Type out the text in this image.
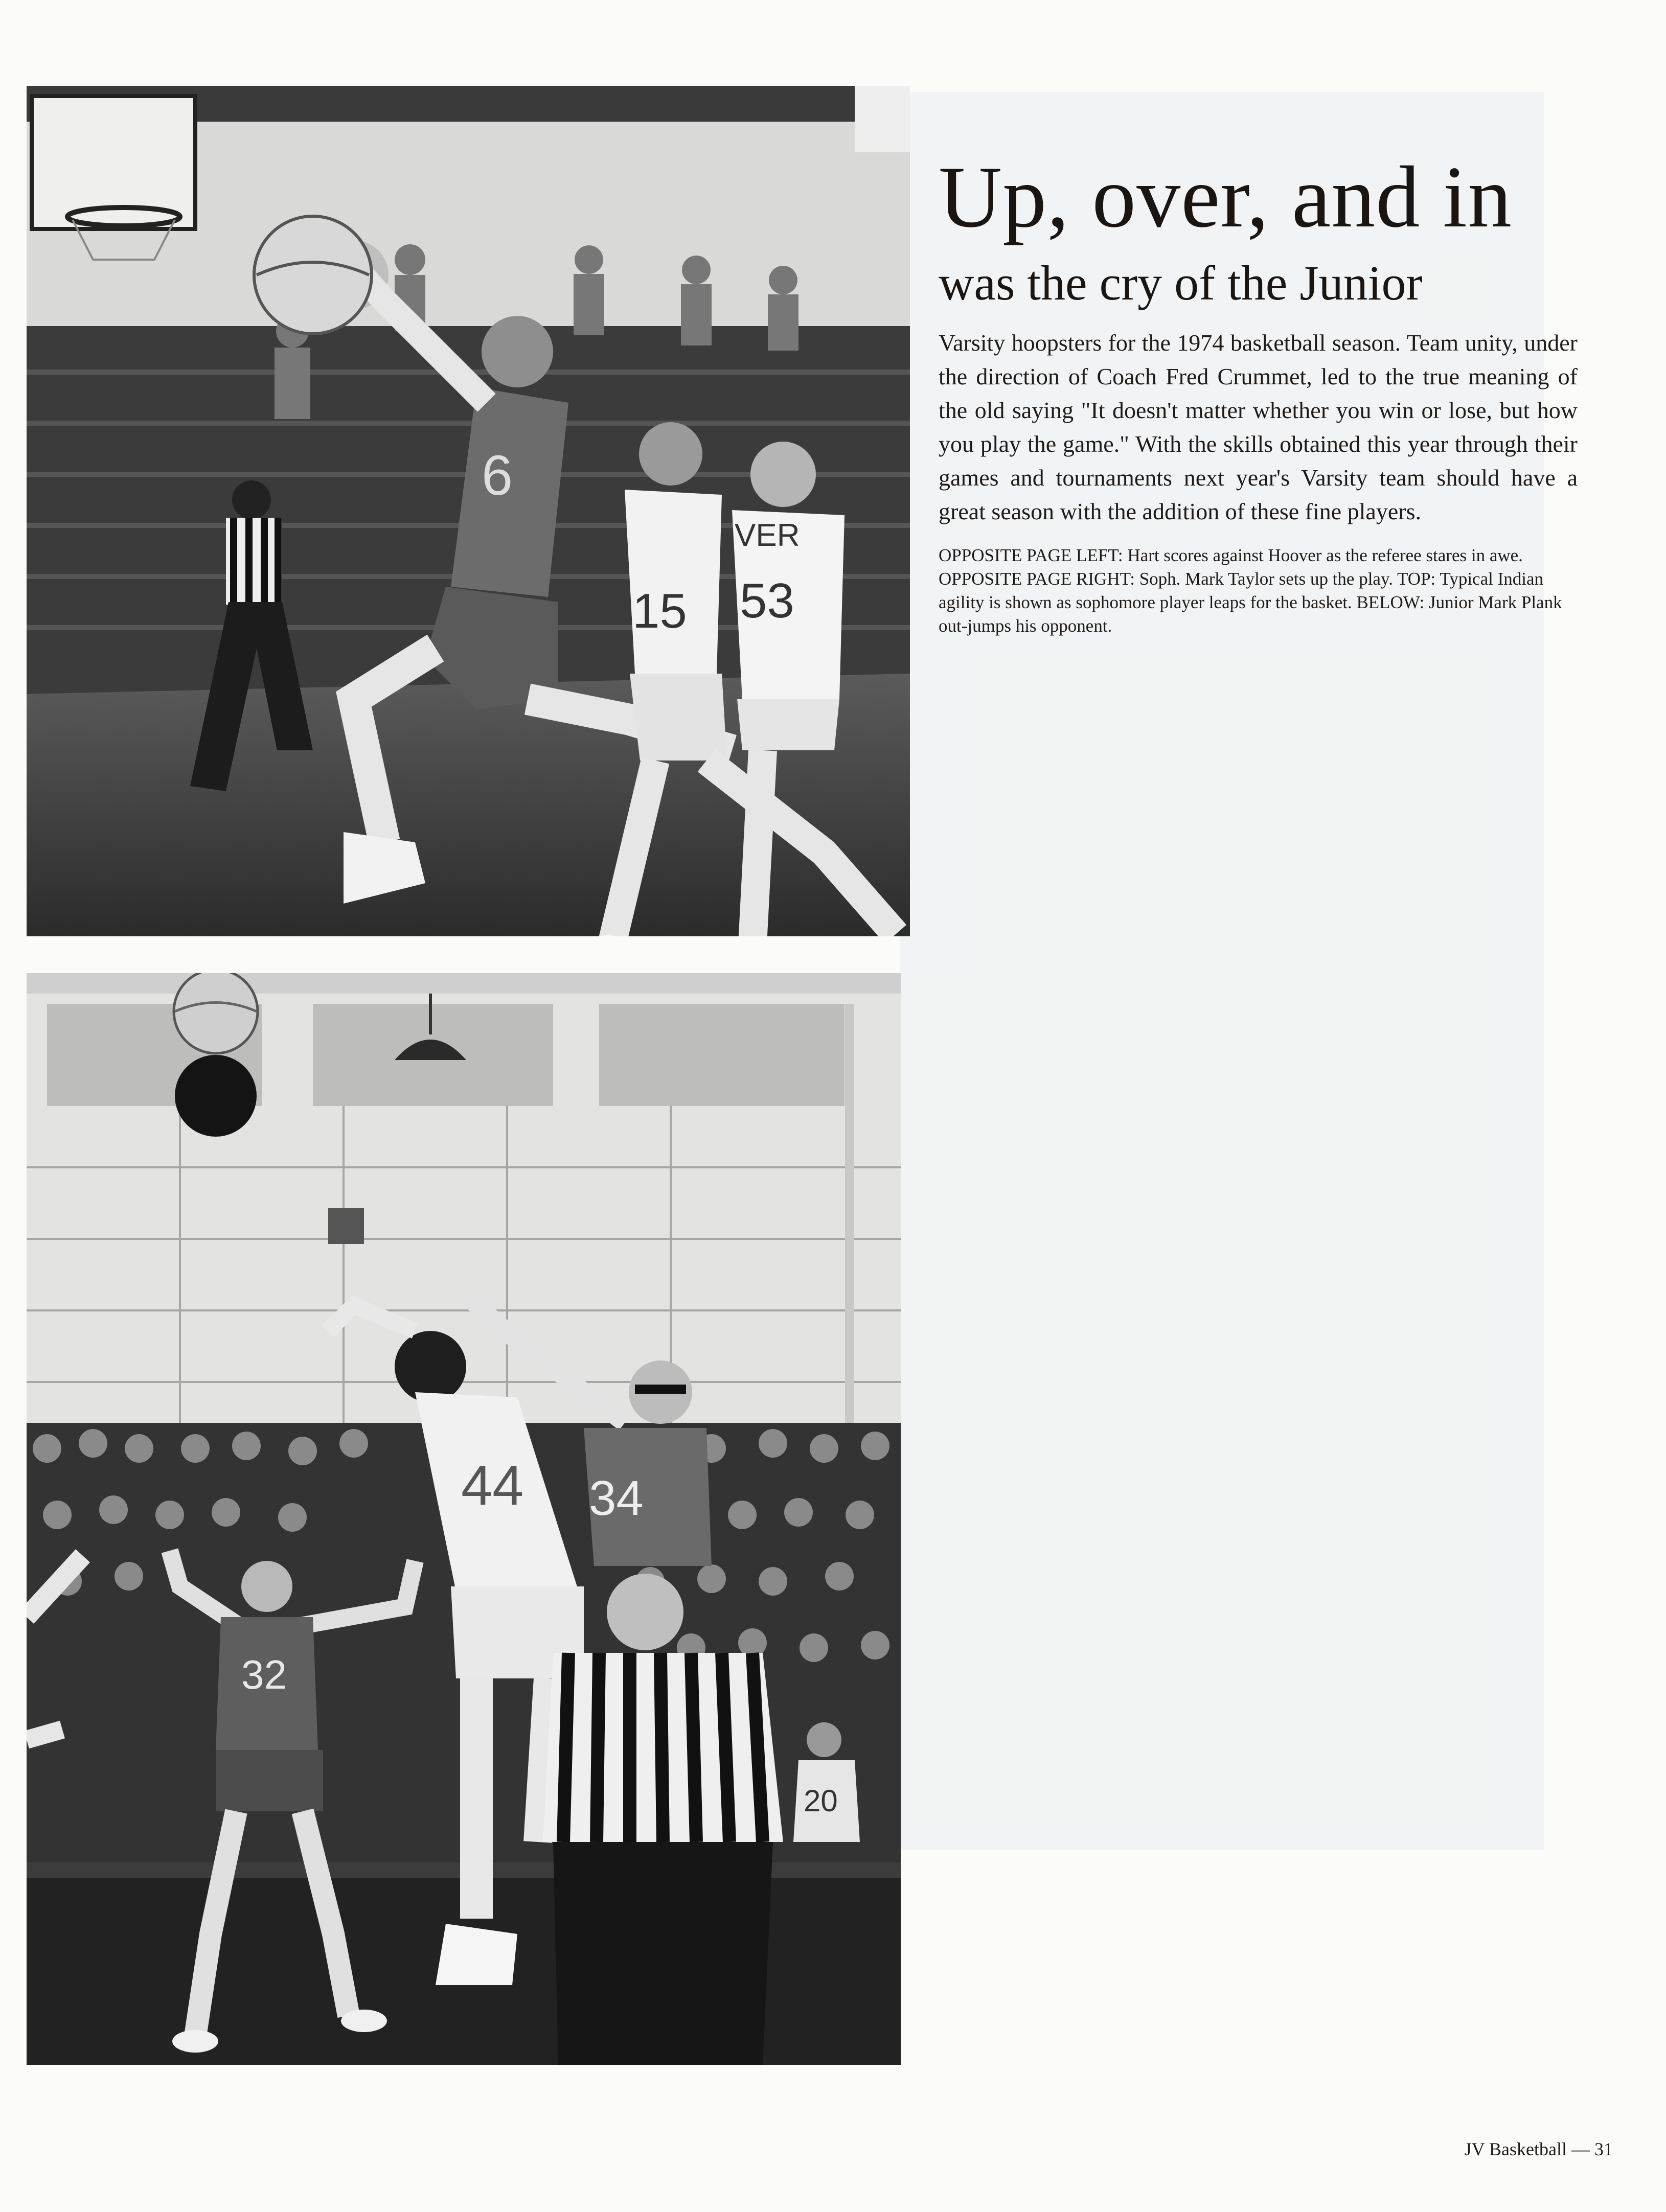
6
15
VER
53
32
44 34
20
Up, over, and in
was the cry of the Junior

Varsity hoopsters for the 1974 basketball season. Team unity, under the direction of Coach Fred Crummet, led to the true meaning of the old saying "It doesn't matter whether you win or lose, but how you play the game." With the skills obtained this year through their games and tournaments next year's Varsity team should have a great season with the addition of these fine players.

OPPOSITE PAGE LEFT: Hart scores against Hoover as the referee stares in awe. OPPOSITE PAGE RIGHT: Soph. Mark Taylor sets up the play. TOP: Typical Indian agility is shown as sophomore player leaps for the basket. BELOW: Junior Mark Plank out-jumps his opponent.

JV Basketball — 31
